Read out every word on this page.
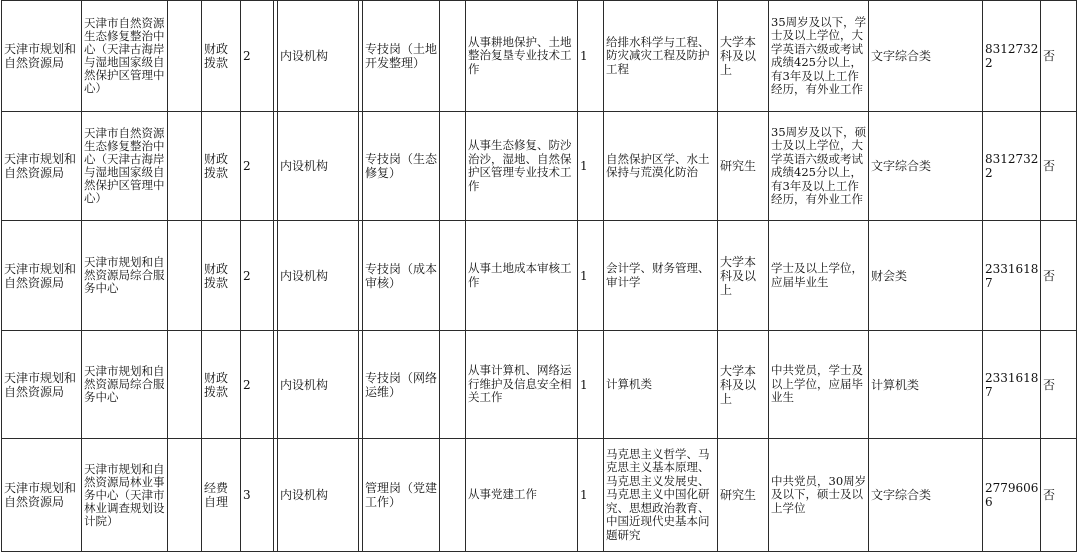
天津市规划和自然资源局	天津市自然资源生态修复整治中心（天津古海岸与湿地国家级自然保护区管理中心）		财政拨款	2		内设机构		专技岗（土地开发整理）		从事耕地保护、土地整治复垦专业技术工作	1	给排水科学与工程、防灾减灾工程及防护工程	大学本科及以上	35周岁及以下，学士及以上学位，大学英语六级或考试成绩425分以上，有3年及以上工作经历，有外业工作	文字综合类	83127322	否
天津市规划和自然资源局	天津市自然资源生态修复整治中心（天津古海岸与湿地国家级自然保护区管理中心）		财政拨款	2		内设机构		专技岗（生态修复）		从事生态修复、防沙治沙，湿地、自然保护区管理专业技术工作	1	自然保护区学、水土保持与荒漠化防治	研究生	35周岁及以下，硕士及以上学位，大学英语六级或考试成绩425分以上，有3年及以上工作经历，有外业工作	文字综合类	83127322	否
天津市规划和自然资源局	天津市规划和自然资源局综合服务中心		财政拨款	2		内设机构		专技岗（成本审核）		从事土地成本审核工作	1	会计学、财务管理、审计学	大学本科及以上	学士及以上学位，应届毕业生	财会类	23316187	否
天津市规划和自然资源局	天津市规划和自然资源局综合服务中心		财政拨款	2		内设机构		专技岗（网络运维）		从事计算机、网络运行维护及信息安全相关工作	1	计算机类	大学本科及以上	中共党员，学士及以上学位，应届毕业生	计算机类	23316187	否
天津市规划和自然资源局	天津市规划和自然资源局林业事务中心（天津市林业调查规划设计院）		经费自理	3		内设机构		管理岗（党建工作）		从事党建工作	1	马克思主义哲学、马克思主义基本原理、马克思主义发展史、马克思主义中国化研究、思想政治教育、中国近现代史基本问题研究	研究生	中共党员，30周岁及以下，硕士及以上学位	文字综合类	27796066	否
